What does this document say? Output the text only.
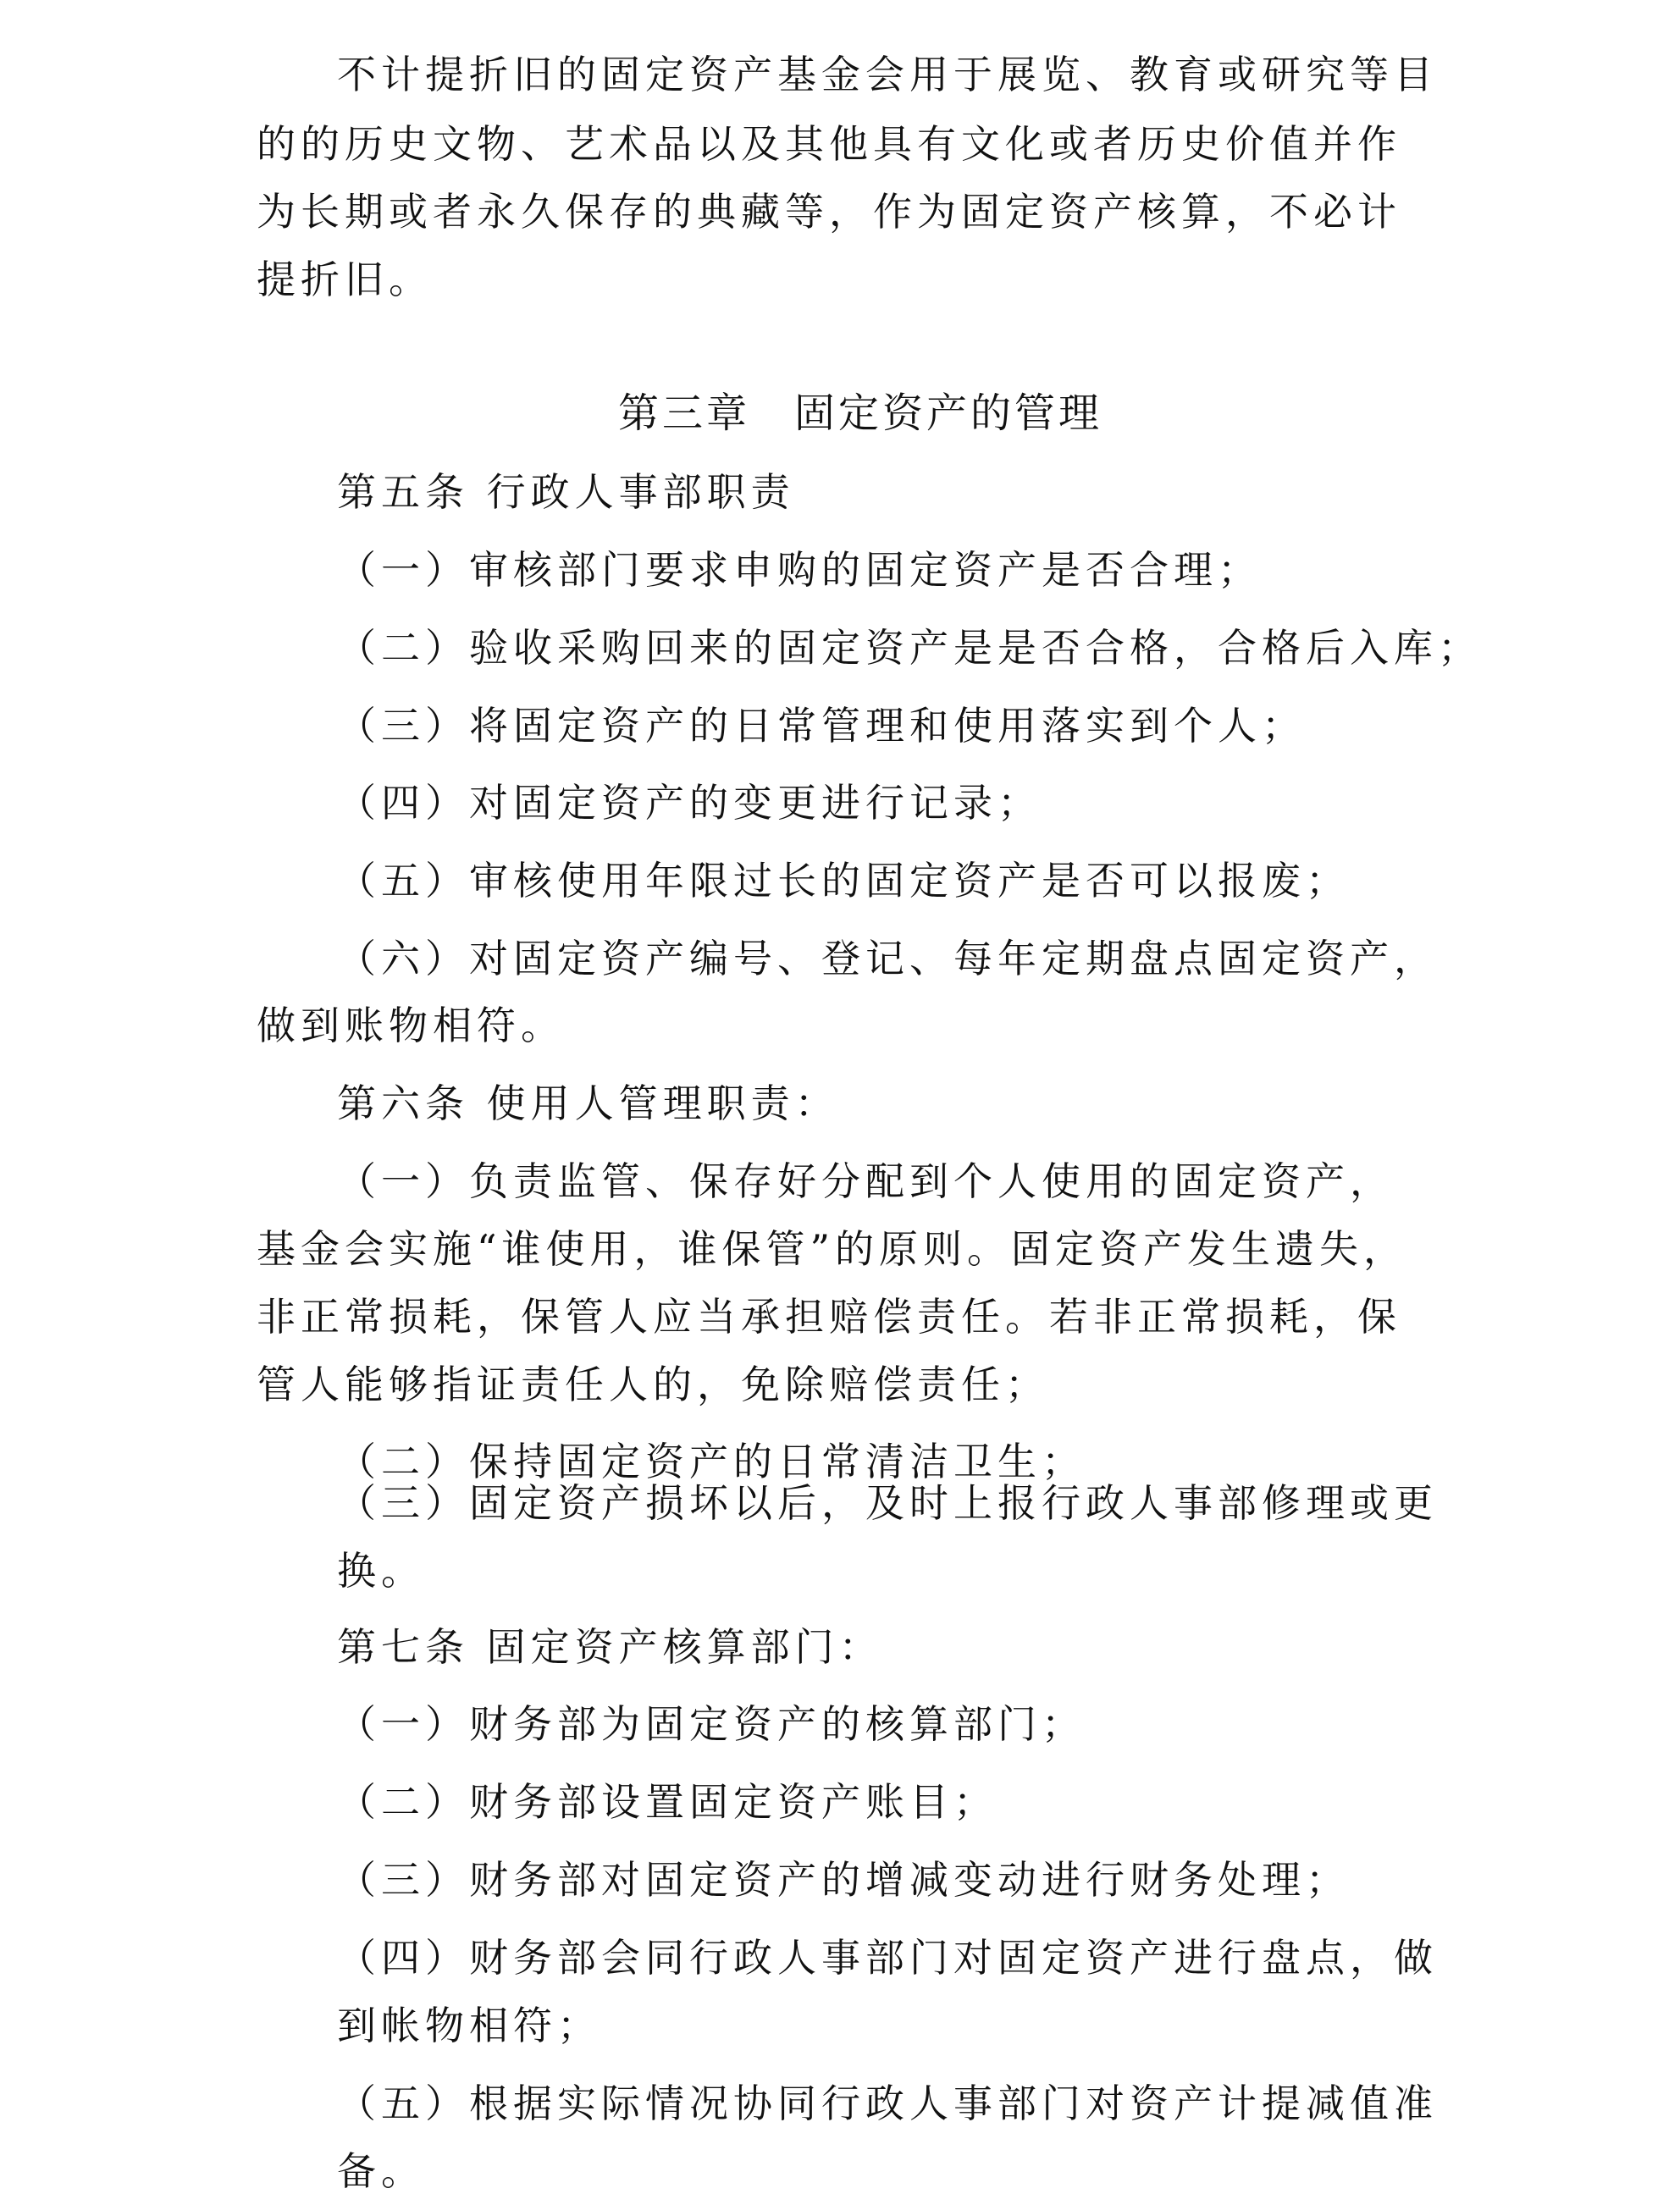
不计提折旧的固定资产基金会用于展览、教育或研究等目
的的历史文物、艺术品以及其他具有文化或者历史价值并作
为长期或者永久保存的典藏等，作为固定资产核算，不必计
提折旧。
第三章　固定资产的管理
第五条 行政人事部职责
（一）审核部门要求申购的固定资产是否合理；
（二）验收采购回来的固定资产是是否合格，合格后入库；
（三）将固定资产的日常管理和使用落实到个人；
（四）对固定资产的变更进行记录；
（五）审核使用年限过长的固定资产是否可以报废；
（六）对固定资产编号、登记、每年定期盘点固定资产，
做到账物相符。
第六条 使用人管理职责：
（一）负责监管、保存好分配到个人使用的固定资产，
基金会实施“谁使用，谁保管”的原则。固定资产发生遗失，
非正常损耗，保管人应当承担赔偿责任。若非正常损耗，保
管人能够指证责任人的，免除赔偿责任；
（二）保持固定资产的日常清洁卫生；
（三）固定资产损坏以后，及时上报行政人事部修理或更
换。
第七条 固定资产核算部门：
（一）财务部为固定资产的核算部门；
（二）财务部设置固定资产账目；
（三）财务部对固定资产的增减变动进行财务处理；
（四）财务部会同行政人事部门对固定资产进行盘点，做
到帐物相符；
（五）根据实际情况协同行政人事部门对资产计提减值准
备。
